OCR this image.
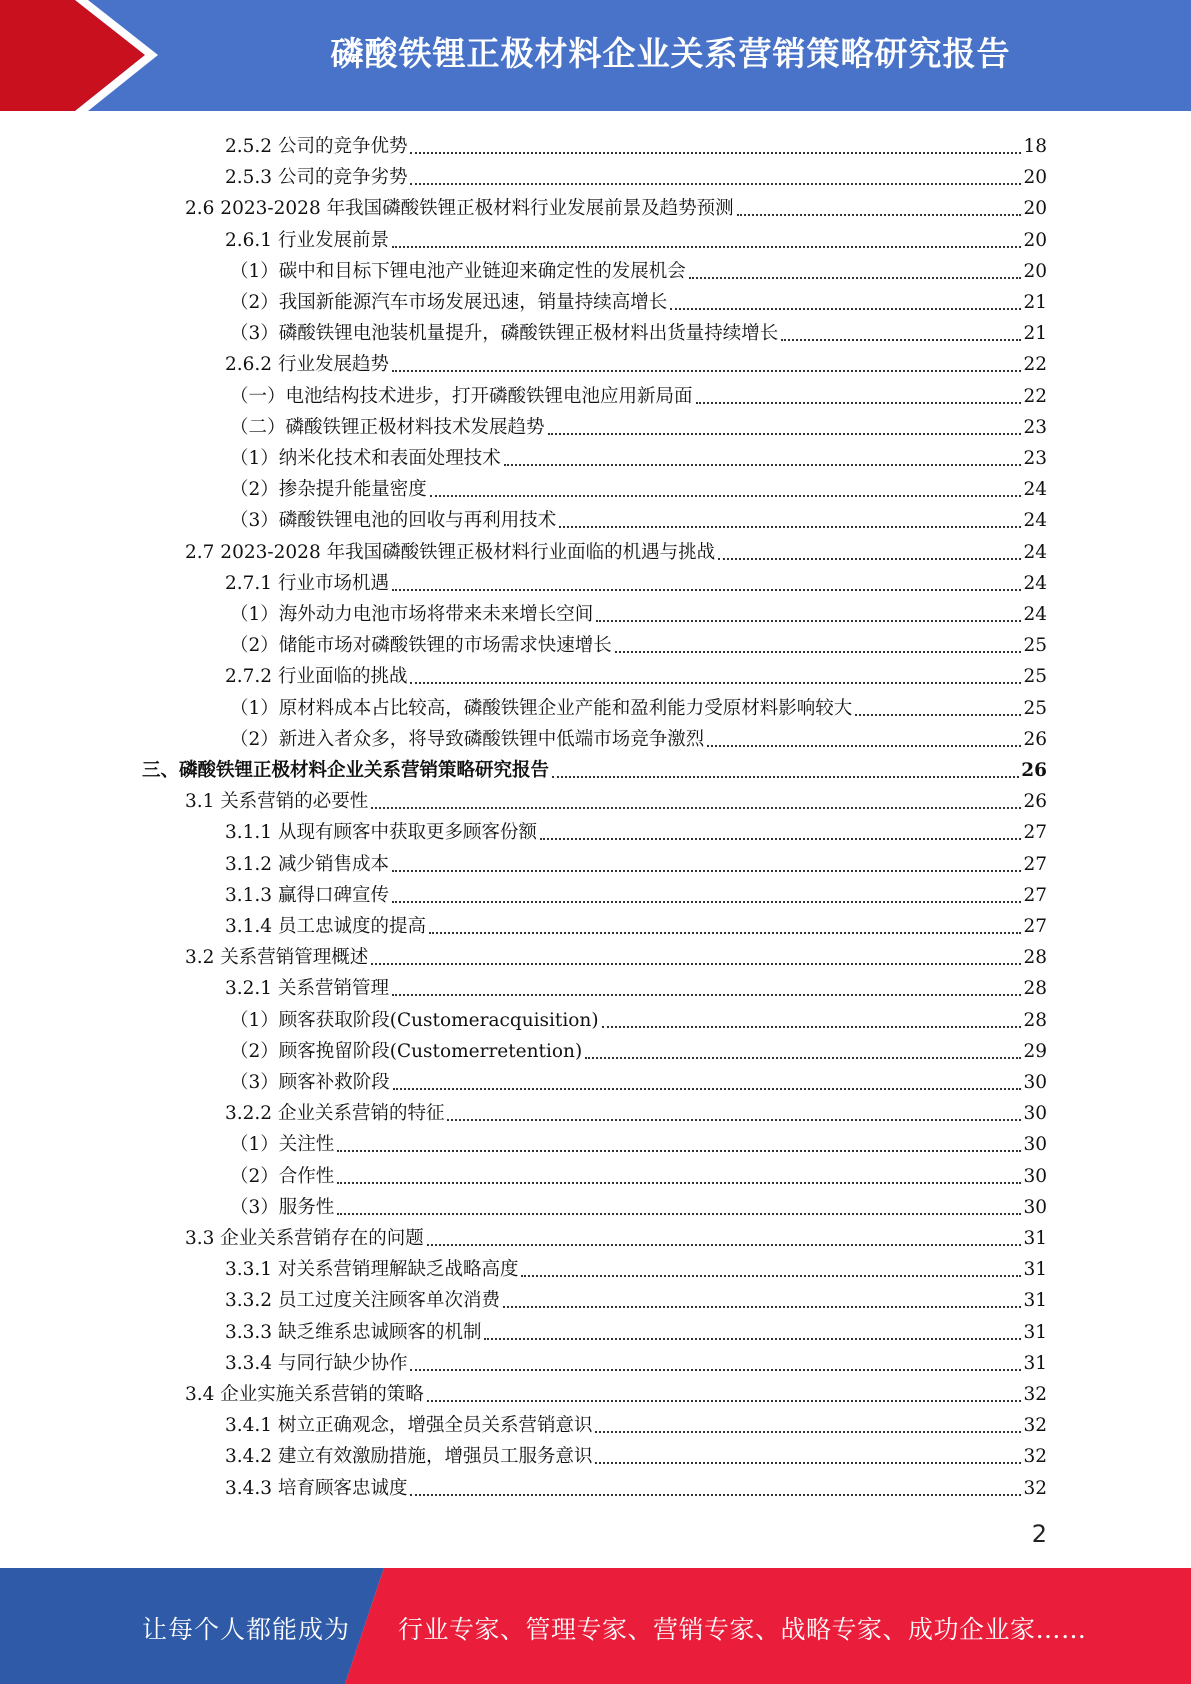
磷酸铁锂正极材料企业关系营销策略研究报告
2.5.2 公司的竞争优势	18
2.5.3 公司的竞争劣势	20
2.6 2023-2028 年我国磷酸铁锂正极材料行业发展前景及趋势预测	20
2.6.1 行业发展前景	20
（1）碳中和目标下锂电池产业链迎来确定性的发展机会	20
（2）我国新能源汽车市场发展迅速，销量持续高增长	21
（3）磷酸铁锂电池装机量提升，磷酸铁锂正极材料出货量持续增长	21
2.6.2 行业发展趋势	22
（一）电池结构技术进步，打开磷酸铁锂电池应用新局面	22
（二）磷酸铁锂正极材料技术发展趋势	23
（1）纳米化技术和表面处理技术	23
（2）掺杂提升能量密度	24
（3）磷酸铁锂电池的回收与再利用技术	24
2.7 2023-2028 年我国磷酸铁锂正极材料行业面临的机遇与挑战	24
2.7.1 行业市场机遇	24
（1）海外动力电池市场将带来未来增长空间	24
（2）储能市场对磷酸铁锂的市场需求快速增长	25
2.7.2 行业面临的挑战	25
（1）原材料成本占比较高，磷酸铁锂企业产能和盈利能力受原材料影响较大	25
（2）新进入者众多，将导致磷酸铁锂中低端市场竞争激烈	26
三、磷酸铁锂正极材料企业关系营销策略研究报告	26
3.1 关系营销的必要性	26
3.1.1 从现有顾客中获取更多顾客份额	27
3.1.2 减少销售成本	27
3.1.3 赢得口碑宣传	27
3.1.4 员工忠诚度的提高	27
3.2 关系营销管理概述	28
3.2.1 关系营销管理	28
（1）顾客获取阶段(Customeracquisition)	28
（2）顾客挽留阶段(Customerretention)	29
（3）顾客补救阶段	30
3.2.2 企业关系营销的特征	30
（1）关注性	30
（2）合作性	30
（3）服务性	30
3.3 企业关系营销存在的问题	31
3.3.1 对关系营销理解缺乏战略高度	31
3.3.2 员工过度关注顾客单次消费	31
3.3.3 缺乏维系忠诚顾客的机制	31
3.3.4 与同行缺少协作	31
3.4 企业实施关系营销的策略	32
3.4.1 树立正确观念，增强全员关系营销意识	32
3.4.2 建立有效激励措施，增强员工服务意识	32
3.4.3 培育顾客忠诚度	32
2
让每个人都能成为 行业专家、管理专家、营销专家、战略专家、成功企业家……
